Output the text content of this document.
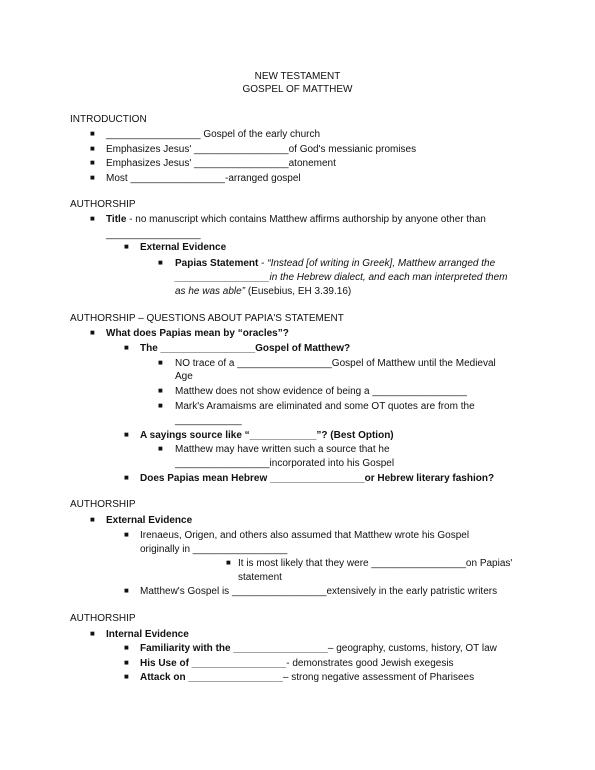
NEW TESTAMENT
GOSPEL OF MATTHEW
INTRODUCTION
■ _________________ Gospel of the early church
■ Emphasizes Jesus' _________________of God's messianic promises
■ Emphasizes Jesus' _________________atonement
■ Most _________________-arranged gospel
AUTHORSHIP
■ Title - no manuscript which contains Matthew affirms authorship by anyone other than
_________________
■ External Evidence
■ Papias Statement - “Instead [of writing in Greek], Matthew arranged the
_________________in the Hebrew dialect, and each man interpreted them
as he was able” (Eusebius, EH 3.39.16)
AUTHORSHIP – QUESTIONS ABOUT PAPIA'S STATEMENT
■ What does Papias mean by “oracles”?
■ The _________________Gospel of Matthew?
■ NO trace of a _________________Gospel of Matthew until the Medieval
Age
■ Matthew does not show evidence of being a _________________
■ Mark's Aramaisms are eliminated and some OT quotes are from the
____________
■ A sayings source like “____________”? (Best Option)
■ Matthew may have written such a source that he
_________________incorporated into his Gospel
■ Does Papias mean Hebrew _________________or Hebrew literary fashion?
AUTHORSHIP
■ External Evidence
■ Irenaeus, Origen, and others also assumed that Matthew wrote his Gospel
originally in _________________
■ It is most likely that they were _________________on Papias'
statement
■ Matthew's Gospel is _________________extensively in the early patristic writers
AUTHORSHIP
■ Internal Evidence
■ Familiarity with the _________________– geography, customs, history, OT law
■ His Use of _________________- demonstrates good Jewish exegesis
■ Attack on _________________– strong negative assessment of Pharisees
